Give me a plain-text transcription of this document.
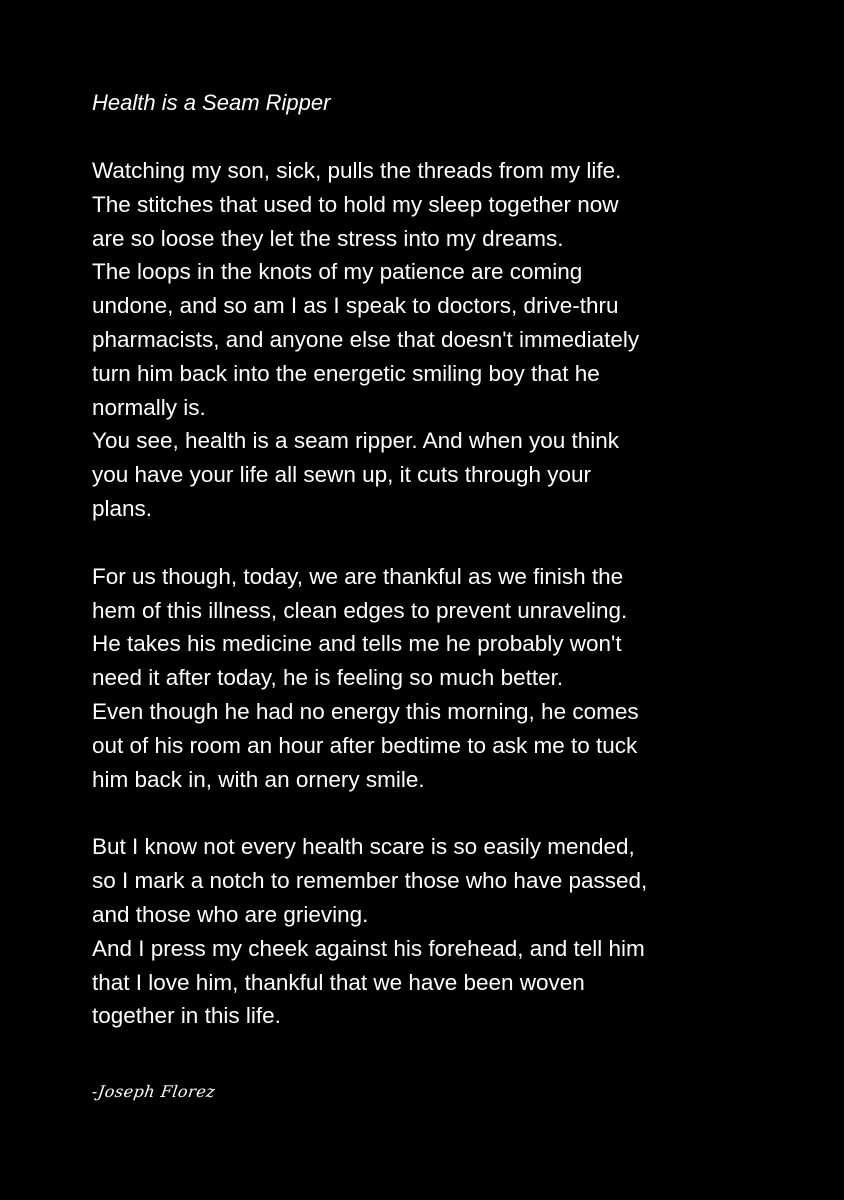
Health is a Seam Ripper
Watching my son, sick, pulls the threads from my life.
The stitches that used to hold my sleep together now
are so loose they let the stress into my dreams.
The loops in the knots of my patience are coming
undone, and so am I as I speak to doctors, drive-thru
pharmacists, and anyone else that doesn't immediately
turn him back into the energetic smiling boy that he
normally is.
You see, health is a seam ripper. And when you think
you have your life all sewn up, it cuts through your
plans.
For us though, today, we are thankful as we finish the
hem of this illness, clean edges to prevent unraveling.
He takes his medicine and tells me he probably won't
need it after today, he is feeling so much better.
Even though he had no energy this morning, he comes
out of his room an hour after bedtime to ask me to tuck
him back in, with an ornery smile.
But I know not every health scare is so easily mended,
so I mark a notch to remember those who have passed,
and those who are grieving.
And I press my cheek against his forehead, and tell him
that I love him, thankful that we have been woven
together in this life.
-Joseph Florez
